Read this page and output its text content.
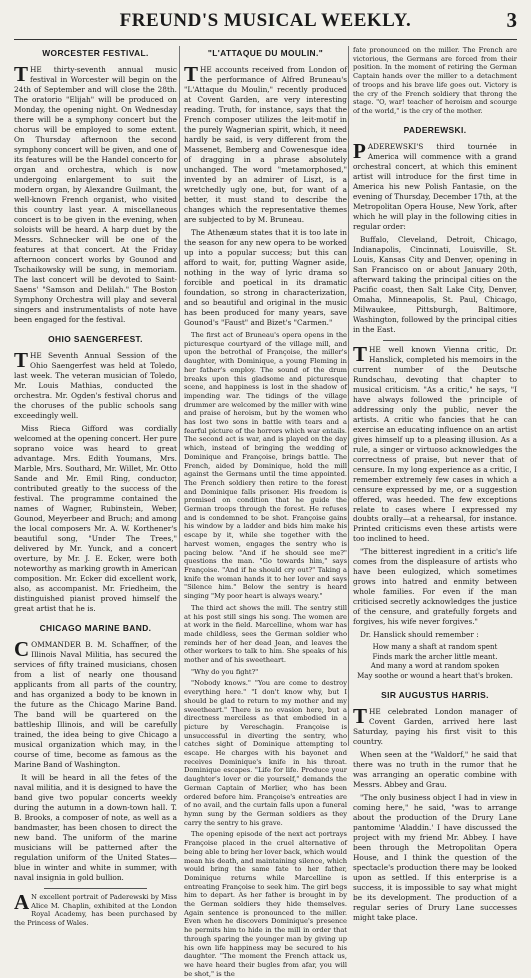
FREUND'S MUSICAL WEEKLY.	3
WORCESTER FESTIVAL.

THE thirty-seventh annual music festival in Worcester will begin on the 24th of September and will close the 28th. The oratorio "Elijah" will be produced on Monday, the opening night. On Wednesday there will be a symphony concert but the chorus will be employed to some extent. On Thursday afternoon the second symphony concert will be given, and one of its features will be the Handel concerto for organ and orchestra, which is now undergoing enlargement to suit the modern organ, by Alexandre Guilmant, the well-known French organist, who visited this country last year. A miscellaneous concert is to be given in the evening, when soloists will be heard. A harp duet by the Messrs. Schnecker will be one of the features at that concert. At the Friday afternoon concert works by Gounod and Tschaikowsky will be sung, in memoriam. The last concert will be devoted to Saint-Saens' "Samson and Delilah." The Boston Symphony Orchestra will play and several singers and instrumentalists of note have been engaged for the festival.

OHIO SAENGERFEST.

THE Seventh Annual Session of the Ohio Saengerfest was held at Toledo, last week. The veteran musician of Toledo, Mr. Louis Mathias, conducted the orchestra. Mr. Ogden's festival chorus and the choruses of the public schools sang exceedingly well.

Miss Rieca Gifford was cordially welcomed at the opening concert. Her pure soprano voice was heard to great advantage. Mrs. Edith Youmans, Mrs. Marble, Mrs. Southard, Mr. Willet, Mr. Otto Sande and Mr. Emil Ring, conductor, contributed greatly to the success of the festival. The programme contained the names of Wagner, Rubinstein, Weber, Gounod, Meyerbeer and Bruch; and among the local composers Mr. A. W. Korthener's beautiful song, "Under The Trees," delivered by Mr. Yunck, and a concert overture, by Mr. J. E. Ecker, were both noteworthy as marking growth in American composition. Mr. Ecker did excellent work, also, as accompanist. Mr. Friedheim, the distinguished pianist proved himself the great artist that he is.

CHICAGO MARINE BAND.

COMMANDER B. M. Schaffner, of the Illinois Naval Militia, has secured the services of fifty trained musicians, chosen from a list of nearly one thousand applicants from all parts of the country, and has organized a body to be known in the future as the Chicago Marine Band. The band will be quartered on the battleship Illinois, and will be carefully trained, the idea being to give Chicago a musical organization which may, in the course of time, become as famous as the Marine Band of Washington.

It will be heard in all the fetes of the naval militia, and it is designed to have the band give two popular concerts weekly during the autumn in a down-town hall. T. B. Brooks, a composer of note, as well as a bandmaster, has been chosen to direct the new band. The uniform of the marine musicians will be patterned after the regulation uniform of the United States—blue in winter and white in summer, with naval insignia in gold bullion.

A N excellent portrait of Paderewski by Miss Alice M. Chaplin, exhibited at the London Royal Academy, has been purchased by the Princess of Wales.

"L'ATTAQUE DU MOULIN."

THE accounts received from London of the performance of Alfred Bruneau's "L'Attaque du Moulin," recently produced at Covent Garden, are very interesting reading. Truth, for instance, says that the French composer utilizes the leit-motif in the purely Wagnerian spirit, which, it need hardly be said, is very different from the Massenet, Bemberg and Cowenesque idea of dragging in a phrase absolutely unchanged. The word "metamorphosed," invented by an admirer of Liszt, is a wretchedly ugly one, but, for want of a better, it must stand to describe the changes which the representative themes are subjected to by M. Bruneau.

The Athenæum states that it is too late in the season for any new opera to be worked up into a popular success; but this can afford to wait, for, putting Wagner aside, nothing in the way of lyric drama so forcible and poetical in its dramatic foundation, so strong in characterization, and so beautiful and original in the music has been produced for many years, save Gounod's "Faust" and Bizet's "Carmen."

The first act of Bruneau's opera opens in the picturesque courtyard of the village mill, and upon the betrothal of Françoise, the miller's daughter, with Dominique, a young Fleming in her father's employ. The sound of the drum breaks upon this gladsome and picturesque scene, and happiness is lost in the shadow of impending war. The tidings of the village drummer are welcomed by the miller with wine and praise of heroism, but by the women who has lost two sons in battle with tears and a fearful picture of the horrors which war entails. The second act is war, and is played on the day which, instead of bringing the wedding of Dominique and Françoise, brings battle. The French, aided by Dominique, hold the mill against the Germans until the time appointed. The French soldiery then retire to the forest and Dominique falls prisoner. His freedom is promised on condition that he guide the German troops through the forest. He refuses and is condemned to be shot. Françoise gains his window by a ladder and bids him make his escape by it, while she together with the harvest women, engages the sentry who is pacing below. "And if he should see me?" questions the man. "Go towards him," says Françoise. "And if he should cry out?" Taking a knife the woman hands it to her lover and says "Silence him." Below the sentry is heard singing "My poor heart is always weary."

The third act shows the mill. The sentry still at his post still sings his song. The women are at work in the field. Marcelline, whom war has made childless, sees the German soldier who reminds her of her dead Jean, and leaves the other workers to talk to him. She speaks of his mother and of his sweetheart.

"Why do you fight?"

"Nobody knows." "You are come to destroy everything here." "I don't know why, but I should be glad to return to my mother and my sweetheart." There is no evasion here, but a directness merciless as that embodied in a picture by Vereschagin. Françoise is unsuccessful in diverting the sentry, who catches sight of Dominique attempting to escape. He charges with his bayonet and receives Dominique's knife in his throat. Dominique escapes. "Life for life. Produce your daughter's lover or die yourself," demands the German Captain of Merlier, who has been ordered before him. Françoise's entreaties are of no avail, and the curtain falls upon a funeral hymn sung by the German soldiers as they carry the sentry to his grave.

The opening episode of the next act portrays Françoise placed in the cruel alternative of being able to bring her lover back, which would mean his death, and maintaining silence, which would bring the same fate to her father, Dominique returns while Marcelline is entreating Françoise to seek him. The girl begs him to depart. As her father is brought in by the German soldiers they hide themselves. Again sentence is pronounced to the miller. Even when he discovers Dominique's presence he permits him to hide in the mill in order that through sparing the younger man by giving up his own life happiness may be secured to his daughter. "The moment the French attack us, we have heard their bugles from afar, you will be shot," is the

fate pronounced on the miller. The French are victorious, the Germans are forced from their position. In the moment of retiring the German Captain hands over the miller to a detachment of troops and his brave life goes out. Victory is the cry of the French soldiery that throng the stage. "O, war! teacher of heroism and scourge of the world," is the cry of the mother.

PADEREWSKI.

PADEREWSKI'S third tournée in America will commence with a grand orchestral concert, at which this eminent artist will introduce for the first time in America his new Polish Fantasie, on the evening of Thursday, December 17th, at the Metropolitan Opera House, New York, after which he will play in the following cities in regular order:

Buffalo, Cleveland, Detroit, Chicago, Indianapolis, Cincinnati, Louisville, St. Louis, Kansas City and Denver, opening in San Francisco on or about January 20th, afterward taking the principal cities on the Pacific coast, then Salt Lake City, Denver, Omaha, Minneapolis, St. Paul, Chicago, Milwaukee, Pittsburgh, Baltimore, Washington, followed by the principal cities in the East.

THE well known Vienna critic, Dr. Hanslick, completed his memoirs in the current number of the Deutsche Rundschau, devoting that chapter to musical criticism. "As a critic," he says, "I have always followed the principle of addressing only the public, never the artists. A critic who fancies that he can exercise an educating influence on an artist gives himself up to a pleasing illusion. As a rule, a singer or virtuoso acknowledges the correctness of praise, but never that of censure. In my long experience as a critic, I remember extremely few cases in which a censure expressed by me, or a suggestion offered, was heeded. The few exceptions relate to cases where I expressed my doubts orally—at a rehearsal, for instance. Printed criticisms even these artists were too inclined to heed.

"The bitterest ingredient in a critic's life comes from the displeasure of artists who have been eulogized, which sometimes grows into hatred and enmity between whole families. For even if the man criticised secretly acknowledges the justice of the censure, and gratefully forgets and forgives, his wife never forgives."

Dr. Hanslick should remember :

How many a shaft at random spent
Finds mark the archer little meant.
And many a word at random spoken
May soothe or wound a heart that's broken.
SIR AUGUSTUS HARRIS.

THE celebrated London manager of Covent Garden, arrived here last Saturday, paying his first visit to this country.

When seen at the "Waldorf," he said that there was no truth in the rumor that he was arranging an operatic combine with Messrs. Abbey and Grau.

"The only business object I had in view in coming here," he said, "was to arrange about the production of the Drury Lane pantomime 'Aladdin.' I have discussed the project with my friend Mr. Abbey. I have been through the Metropolitan Opera House, and I think the question of the spectacle's production there may be looked upon as settled. If this enterprise is a success, it is impossible to say what might be its development. The production of a regular series of Drury Lane successes might take place.
